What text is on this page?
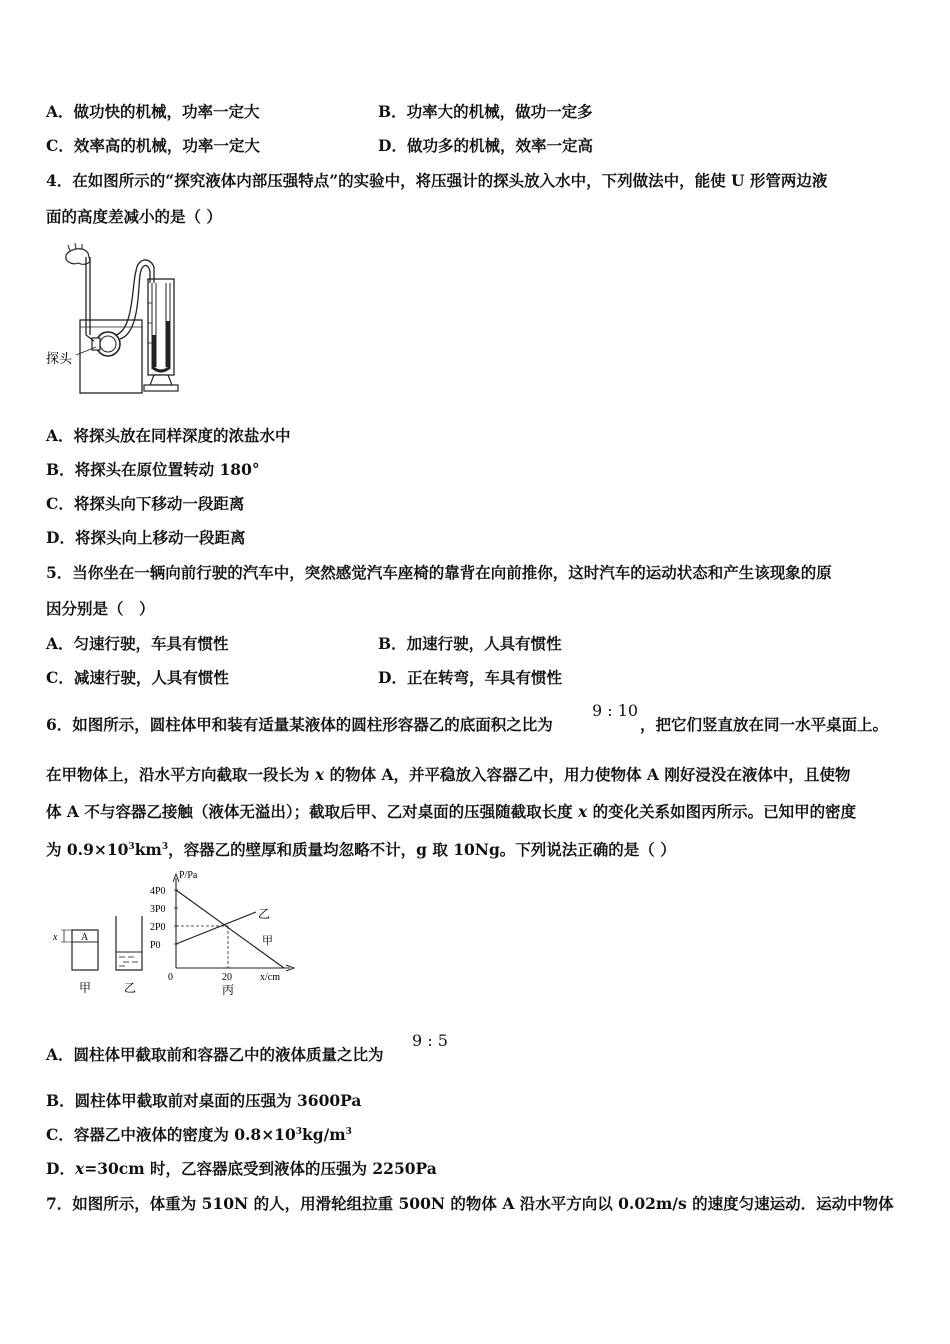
A．做功快的机械，功率一定大	B．功率大的机械，做功一定多
C．效率高的机械，功率一定大	D．做功多的机械，效率一定高
4．在如图所示的“探究液体内部压强特点”的实验中，将压强计的探头放入水中，下列做法中，能使 U 形管两边液
面的高度差减小的是（ ）
探头
A．将探头放在同样深度的浓盐水中
B．将探头在原位置转动 180°
C．将探头向下移动一段距离
D．将探头向上移动一段距离
5．当你坐在一辆向前行驶的汽车中，突然感觉汽车座椅的靠背在向前推你，这时汽车的运动状态和产生该现象的原
因分别是（　）
A．匀速行驶，车具有惯性	B．加速行驶，人具有惯性
C．减速行驶，人具有惯性	D．正在转弯，车具有惯性
6．如图所示，圆柱体甲和装有适量某液体的圆柱形容器乙的底面积之比为
9 : 10
，把它们竖直放在同一水平桌面上。
在甲物体上，沿水平方向截取一段长为 x 的物体 A，并平稳放入容器乙中，用力使物体 A 刚好浸没在液体中，且使物
体 A 不与容器乙接触（液体无溢出）；截取后甲、乙对桌面的压强随截取长度 x 的变化关系如图丙所示。已知甲的密度
为 $0.9\times 10^3km^3$，容器乙的壁厚和质量均忽略不计，g 取 10Ng。下列说法正确的是（ ）
A
x
甲	乙
P/Pa
4P0
3P0
2P0
P0
乙
甲
0	20	x/cm
丙
A．圆柱体甲截取前和容器乙中的液体质量之比为
9 : 5
B．圆柱体甲截取前对桌面的压强为 3600Pa
C．容器乙中液体的密度为 $0.8\times 10^3kg/m^3$
D．x=30cm 时，乙容器底受到液体的压强为 2250Pa
7．如图所示，体重为 510N 的人，用滑轮组拉重 500N 的物体 A 沿水平方向以 0.02m/s 的速度匀速运动．运动中物体
